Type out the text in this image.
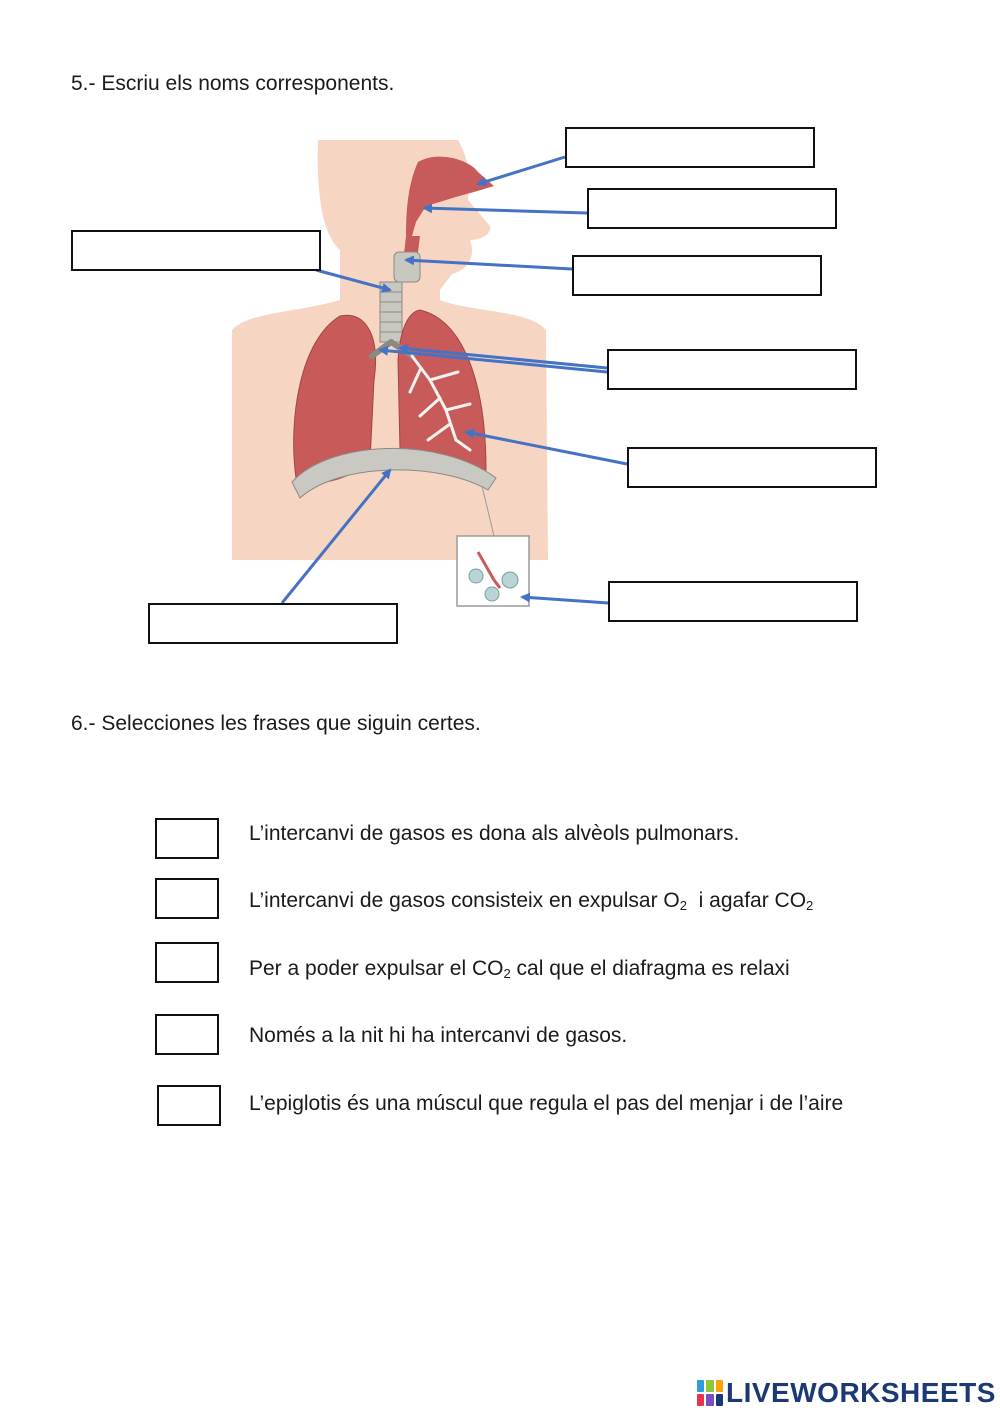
5.- Escriu els noms corresponents.
6.- Selecciones les frases que siguin certes.
L’intercanvi de gasos es dona als alvèols pulmonars.
L’intercanvi de gasos consisteix en expulsar $O_2$  i agafar $CO_2$
Per a poder expulsar el $CO_2$ cal que el diafragma es relaxi
Només a la nit hi ha intercanvi de gasos.
L’epiglotis és una múscul que regula el pas del menjar i de l’aire
LIVEWORKSHEETS
